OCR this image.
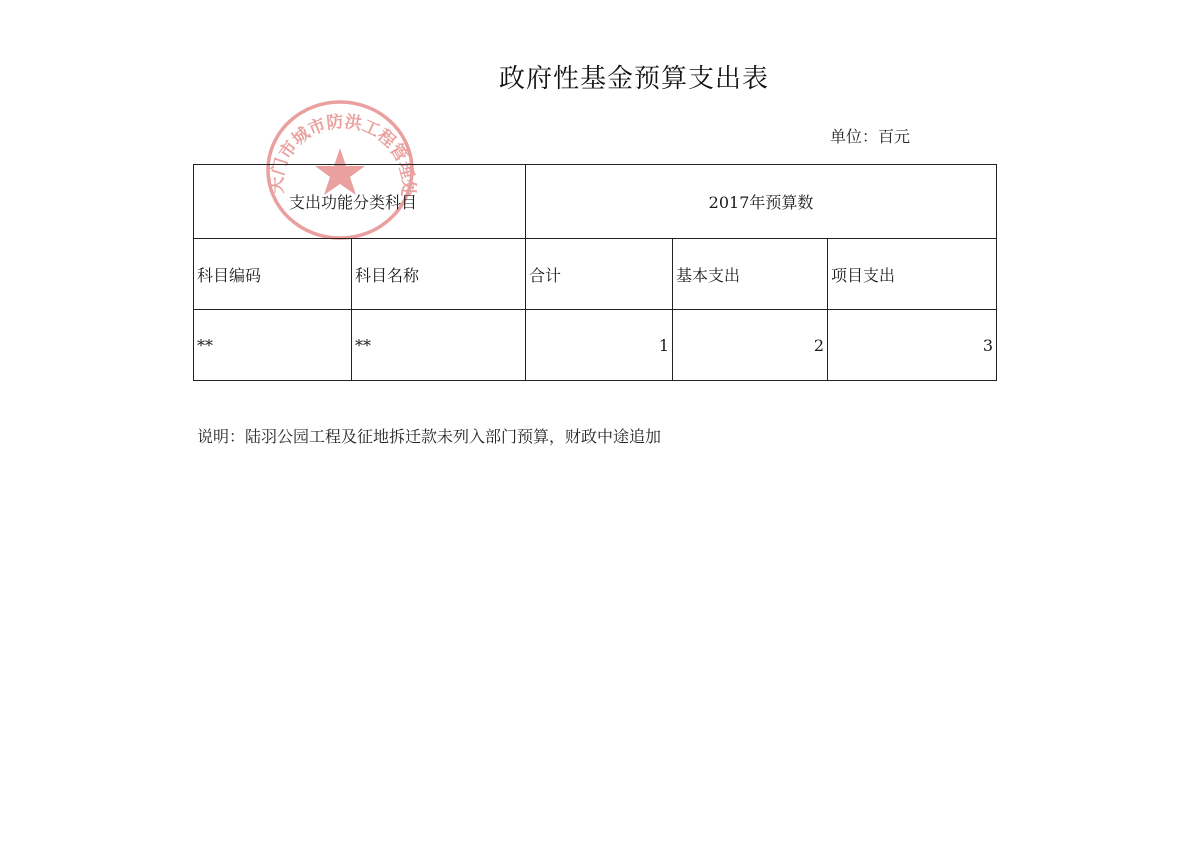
政府性基金预算支出表
单位：百元
天门市城市防洪工程管理处
支出功能分类科目		2017年预算数		
科目编码	科目名称	合计	基本支出	项目支出
**	**	1	2	3
说明：陆羽公园工程及征地拆迁款未列入部门预算，财政中途追加
